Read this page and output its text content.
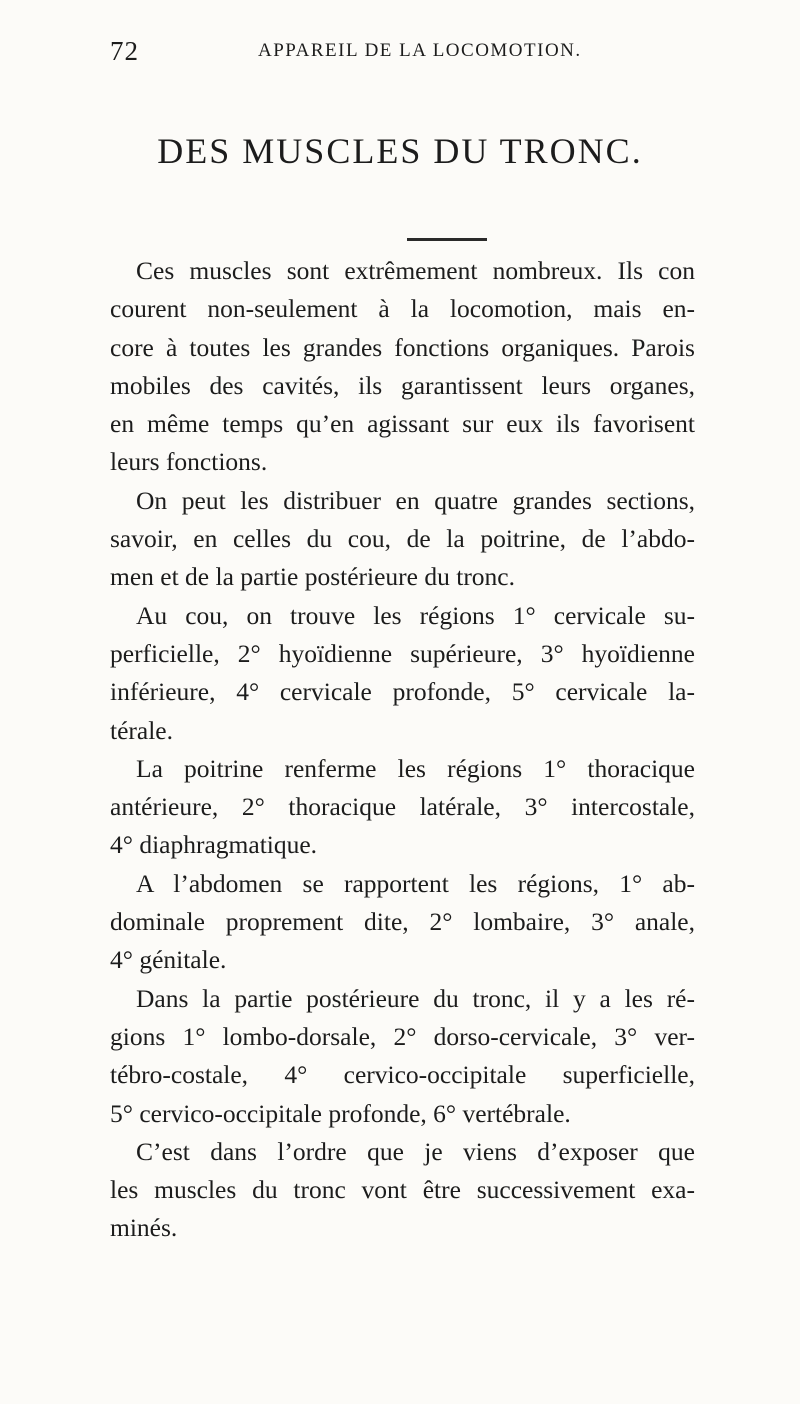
72	APPAREIL DE LA LOCOMOTION.
DES MUSCLES DU TRONC.
Ces muscles sont extrêmement nombreux. Ils con
courent non-seulement à la locomotion, mais en-
core à toutes les grandes fonctions organiques. Parois
mobiles des cavités, ils garantissent leurs organes,
en même temps qu’en agissant sur eux ils favorisent
leurs fonctions.
On peut les distribuer en quatre grandes sections,
savoir, en celles du cou, de la poitrine, de l’abdo-
men et de la partie postérieure du tronc.
Au cou, on trouve les régions 1° cervicale su-
perficielle, 2° hyoïdienne supérieure, 3° hyoïdienne
inférieure, 4° cervicale profonde, 5° cervicale la-
térale.
La poitrine renferme les régions 1° thoracique
antérieure, 2° thoracique latérale, 3° intercostale,
4° diaphragmatique.
A l’abdomen se rapportent les régions, 1° ab-
dominale proprement dite, 2° lombaire, 3° anale,
4° génitale.
Dans la partie postérieure du tronc, il y a les ré-
gions 1° lombo-dorsale, 2° dorso-cervicale, 3° ver-
tébro-costale, 4° cervico-occipitale superficielle,
5° cervico-occipitale profonde, 6° vertébrale.
C’est dans l’ordre que je viens d’exposer que
les muscles du tronc vont être successivement exa-
minés.
